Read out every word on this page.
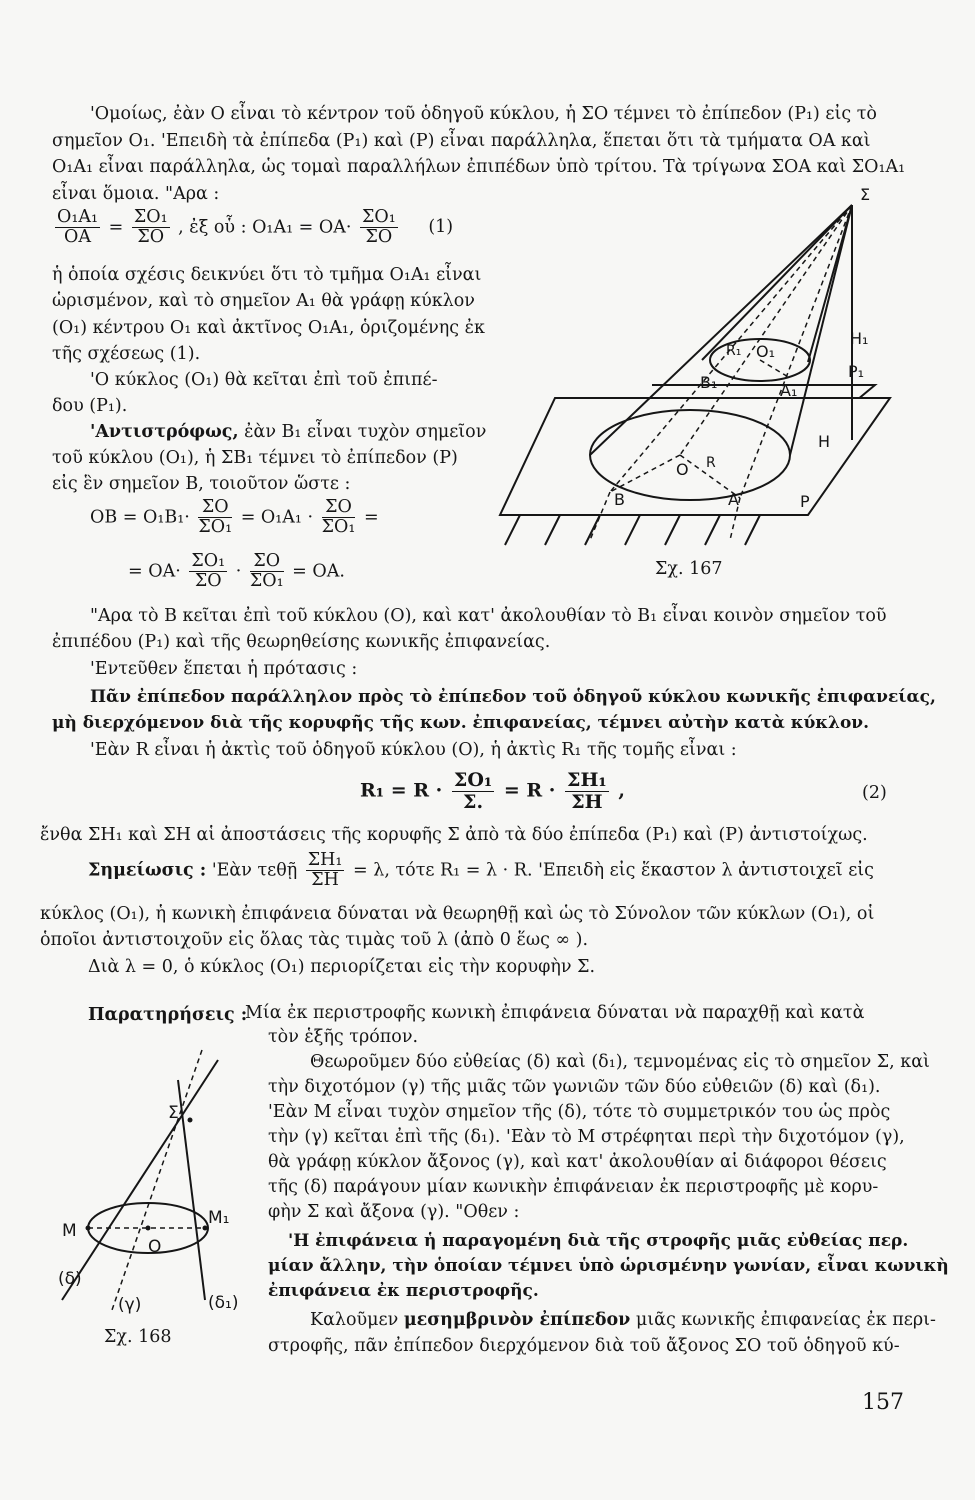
'Ομοίως, ἐὰν Ο εἶναι τὸ κέντρον τοῦ ὁδηγοῦ κύκλου, ἡ ΣΟ τέμνει τὸ ἐπίπεδον (P₁) εἰς τὸ
σημεῖον O₁. 'Επειδὴ τὰ ἐπίπεδα (P₁) καὶ (P) εἶναι παράλληλα, ἕπεται ὅτι τὰ τμήματα ΟΑ καὶ
O₁A₁ εἶναι παράλληλα, ὡς τομαὶ παραλλήλων ἐπιπέδων ὑπὸ τρίτου. Τὰ τρίγωνα ΣΟΑ καὶ ΣO₁A₁
εἶναι ὅμοια. "Αρα :
$\frac{\text{O₁A₁}}{OA} = \frac{\text{ΣO₁}}{\Sigma O}$ , ἐξ οὗ : $O_1A_1 = OA\cdot \frac{\text{ΣO₁}}{\Sigma O} (1)$
ἡ ὁποία σχέσις δεικνύει ὅτι τὸ τμῆμα O₁A₁ εἶναι
ὡρισμένον, καὶ τὸ σημεῖον A₁ θὰ γράφῃ κύκλον
(O₁) κέντρου O₁ καὶ ἀκτῖνος O₁A₁, ὁριζομένης ἐκ
τῆς σχέσεως (1).
'Ο κύκλος (O₁) θὰ κεῖται ἐπὶ τοῦ ἐπιπέ-
δου (P₁).
'Αντιστρόφως, ἐὰν B₁ εἶναι τυχὸν σημεῖον
τοῦ κύκλου (O₁), ἡ ΣB₁ τέμνει τὸ ἐπίπεδον (P)
εἰς ἓν σημεῖον B, τοιοῦτον ὥστε :
OB = $O_1B_1\cdot \frac{\Sigma O}{\text{ΣO₁}} = O_1A_1 \cdot \frac{\Sigma O}{\text{ΣO₁}}$ =
= $OA\cdot \frac{\text{ΣO₁}}{\Sigma O} \cdot \frac{\Sigma O}{\text{ΣO₁}}$ = OA.
Σ
H₁
R₁ O₁
P₁
B₁	A₁
H
O R
B	A	P
Σχ. 167
"Αρα τὸ B κεῖται ἐπὶ τοῦ κύκλου (O), καὶ κατ' ἀκολουθίαν τὸ B₁ εἶναι κοινὸν σημεῖον τοῦ
ἐπιπέδου (P₁) καὶ τῆς θεωρηθείσης κωνικῆς ἐπιφανείας.
'Εντεῦθεν ἕπεται ἡ πρότασις :
Πᾶν ἐπίπεδον παράλληλον πρὸς τὸ ἐπίπεδον τοῦ ὁδηγοῦ κύκλου κωνικῆς ἐπιφανείας,
μὴ διερχόμενον διὰ τῆς κορυφῆς τῆς κων. ἐπιφανείας, τέμνει αὐτὴν κατὰ κύκλον.
'Εὰν R εἶναι ἡ ἀκτὶς τοῦ ὁδηγοῦ κύκλου (O), ἡ ἀκτὶς R₁ τῆς τομῆς εἶναι :
$R_1 = R \cdot \frac{\text{ΣO₁}}{\Sigma.} = R \cdot \frac{\text{ΣH₁}}{\Sigma H}$ ,	(2)
ἔνθα ΣH₁ καὶ ΣH αἱ ἀποστάσεις τῆς κορυφῆς Σ ἀπὸ τὰ δύο ἐπίπεδα (P₁) καὶ (P) ἀντιστοίχως.
Σημείωσις : 'Εὰν τεθῇ $\frac{\text{ΣH₁}}{\Sigma H} = \lambda$, τότε R₁ = λ · R. 'Επειδὴ εἰς ἕκαστον λ ἀντιστοιχεῖ εἰς
κύκλος (O₁), ἡ κωνικὴ ἐπιφάνεια δύναται νὰ θεωρηθῇ καὶ ὡς τὸ Σύνολον τῶν κύκλων (O₁), οἱ
ὁποῖοι ἀντιστοιχοῦν εἰς ὅλας τὰς τιμὰς τοῦ λ (ἀπὸ 0 ἕως ∞ ).
Διὰ λ = 0, ὁ κύκλος (O₁) περιορίζεται εἰς τὴν κορυφὴν Σ.
Παρατηρήσεις :
Μία ἐκ περιστροφῆς κωνικὴ ἐπιφάνεια δύναται νὰ παραχθῇ καὶ κατὰ
τὸν ἑξῆς τρόπον.
Θεωροῦμεν δύο εὐθείας (δ) καὶ (δ₁), τεμνομένας εἰς τὸ σημεῖον Σ, καὶ
τὴν διχοτόμον (γ) τῆς μιᾶς τῶν γωνιῶν τῶν δύο εὐθειῶν (δ) καὶ (δ₁).
'Εὰν M εἶναι τυχὸν σημεῖον τῆς (δ), τότε τὸ συμμετρικόν του ὡς πρὸς
τὴν (γ) κεῖται ἐπὶ τῆς (δ₁). 'Εὰν τὸ M στρέφηται περὶ τὴν διχοτόμον (γ),
θὰ γράφῃ κύκλον ἄξονος (γ), καὶ κατ' ἀκολουθίαν αἱ διάφοροι θέσεις
τῆς (δ) παράγουν μίαν κωνικὴν ἐπιφάνειαν ἐκ περιστροφῆς μὲ κορυ-
φὴν Σ καὶ ἄξονα (γ). "Οθεν :
'Η ἐπιφάνεια ἡ παραγομένη διὰ τῆς στροφῆς μιᾶς εὐθείας περ.
μίαν ἄλλην, τὴν ὁποίαν τέμνει ὑπὸ ὡρισμένην γωνίαν, εἶναι κωνικὴ
ἐπιφάνεια ἐκ περιστροφῆς.
Καλοῦμεν μεσημβρινὸν ἐπίπεδον μιᾶς κωνικῆς ἐπιφανείας ἐκ περι-
στροφῆς, πᾶν ἐπίπεδον διερχόμενον διὰ τοῦ ἄξονος ΣΟ τοῦ ὁδηγοῦ κύ-
Σ
M
M₁
O
(δ)
(γ)	(δ₁)
Σχ. 168
157
